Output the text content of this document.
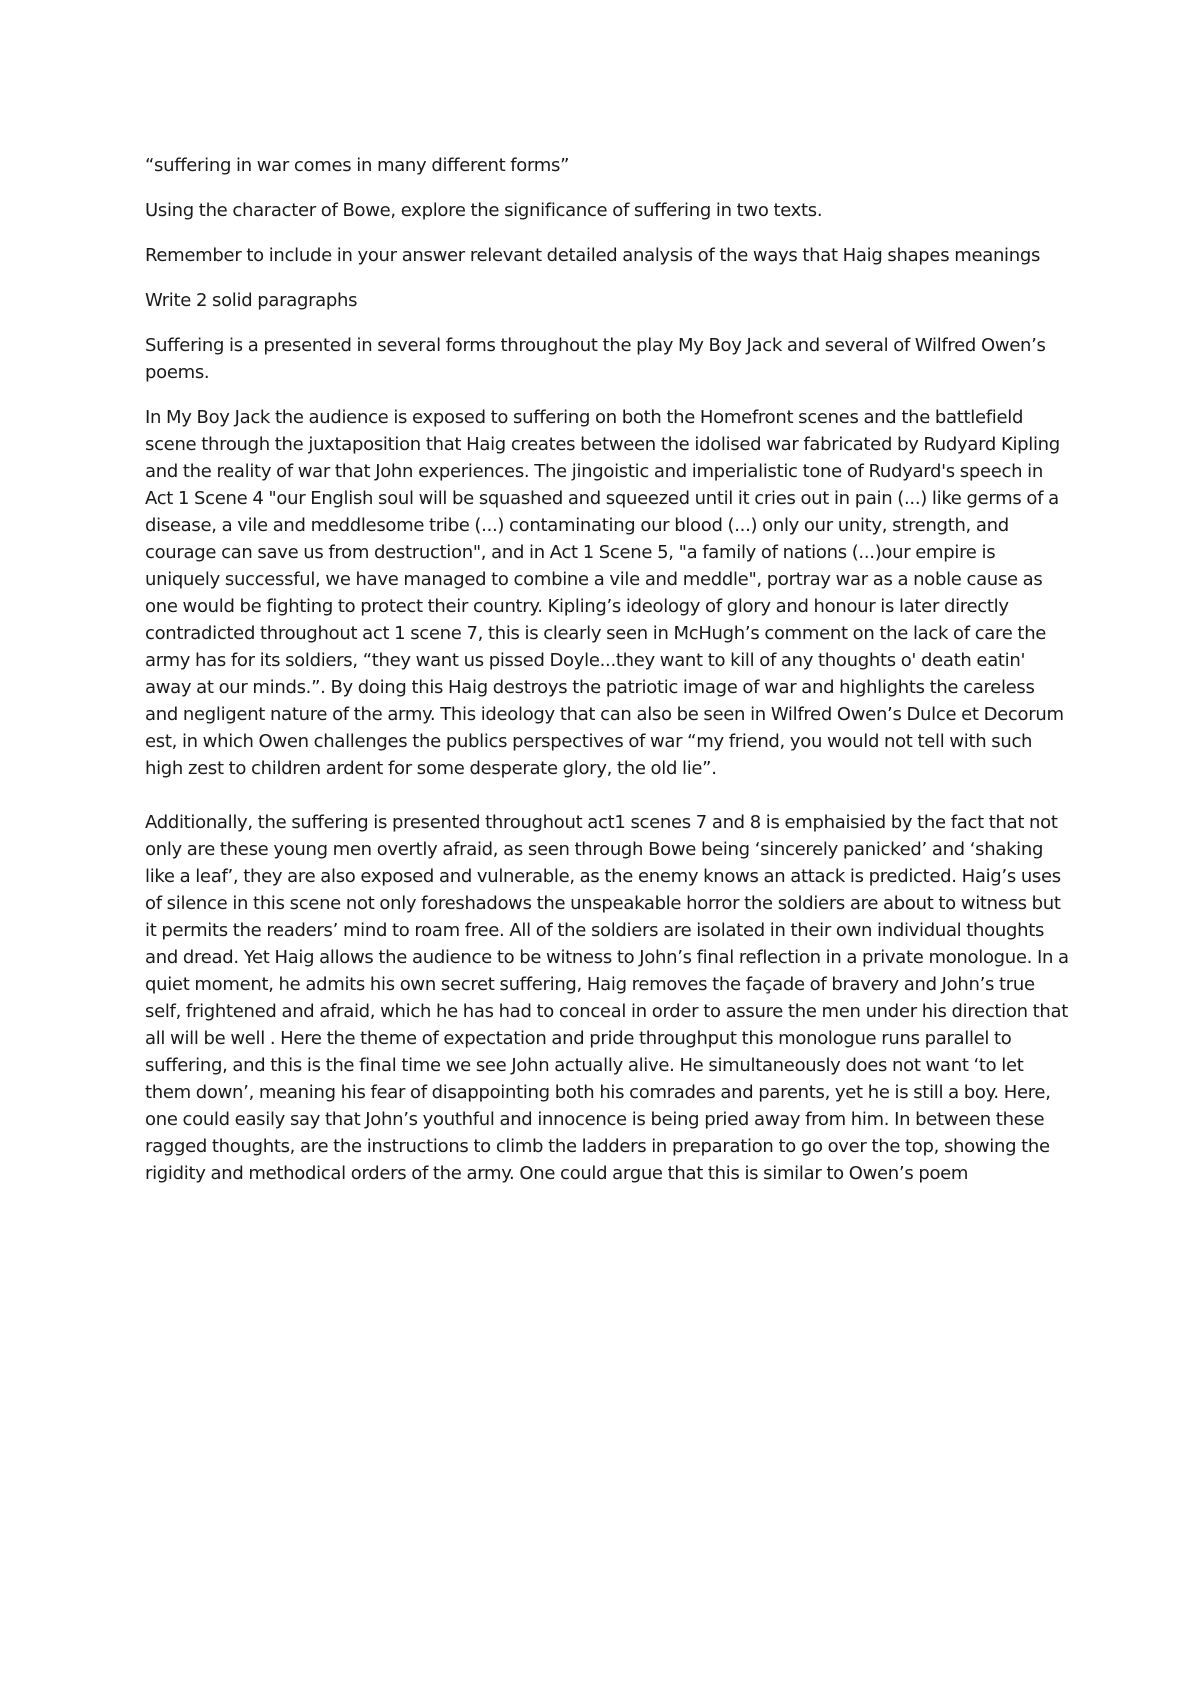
“suffering in war comes in many different forms”

Using the character of Bowe, explore the significance of suffering in two texts.

Remember to include in your answer relevant detailed analysis of the ways that Haig shapes meanings

Write 2 solid paragraphs

Suffering is a presented in several forms throughout the play My Boy Jack and several of Wilfred Owen’s poems.

In My Boy Jack the audience is exposed to suffering on both the Homefront scenes and the battlefield scene through the juxtaposition that Haig creates between the idolised war fabricated by Rudyard Kipling and the reality of war that John experiences. The jingoistic and imperialistic tone of Rudyard's speech in Act 1 Scene 4 "our English soul will be squashed and squeezed until it cries out in pain (...) like germs of a disease, a vile and meddlesome tribe (...) contaminating our blood (...) only our unity, strength, and courage can save us from destruction", and in Act 1 Scene 5, "a family of nations (...)our empire is uniquely successful, we have managed to combine a vile and meddle", portray war as a noble cause as one would be fighting to protect their country. Kipling’s ideology of glory and honour is later directly contradicted throughout act 1 scene 7, this is clearly seen in McHugh’s comment on the lack of care the army has for its soldiers, “they want us pissed Doyle...they want to kill of any thoughts o' death eatin' away at our minds.”. By doing this Haig destroys the patriotic image of war and highlights the careless and negligent nature of the army. This ideology that can also be seen in Wilfred Owen’s Dulce et Decorum est, in which Owen challenges the publics perspectives of war “my friend, you would not tell with such high zest to children ardent for some desperate glory, the old lie”.

Additionally, the suffering is presented throughout act1 scenes 7 and 8 is emphaisied by the fact that not only are these young men overtly afraid, as seen through Bowe being ‘sincerely panicked’ and ‘shaking like a leaf’, they are also exposed and vulnerable, as the enemy knows an attack is predicted. Haig’s uses of silence in this scene not only foreshadows the unspeakable horror the soldiers are about to witness but it permits the readers’ mind to roam free. All of the soldiers are isolated in their own individual thoughts and dread. Yet Haig allows the audience to be witness to John’s final reflection in a private monologue. In a quiet moment, he admits his own secret suffering, Haig removes the façade of bravery and John’s true self, frightened and afraid, which he has had to conceal in order to assure the men under his direction that all will be well . Here the theme of expectation and pride throughput this monologue runs parallel to suffering, and this is the final time we see John actually alive. He simultaneously does not want ‘to let them down’, meaning his fear of disappointing both his comrades and parents, yet he is still a boy. Here, one could easily say that John’s youthful and innocence is being pried away from him. In between these ragged thoughts, are the instructions to climb the ladders in preparation to go over the top, showing the rigidity and methodical orders of the army. One could argue that this is similar to Owen’s poem
